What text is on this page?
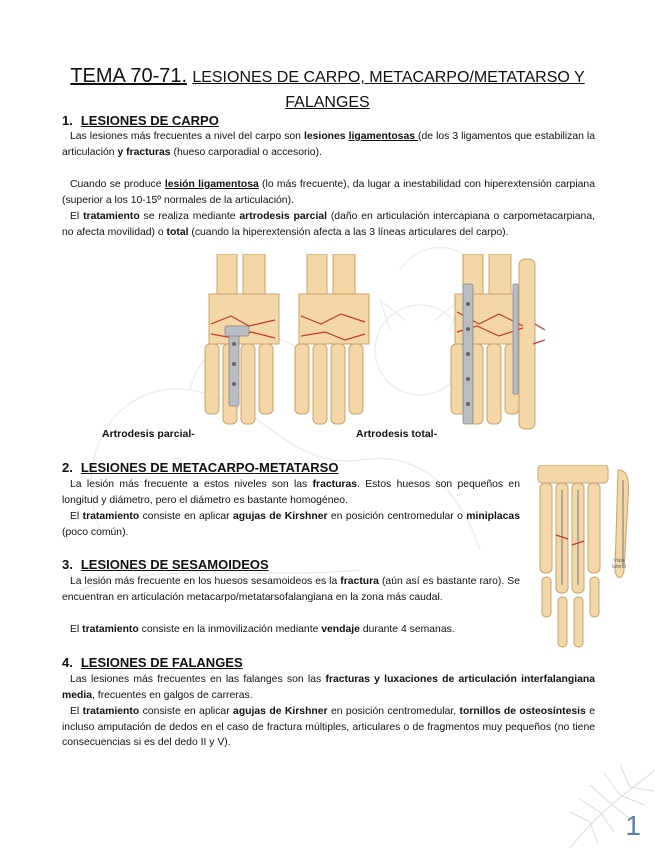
TEMA 70-71. LESIONES DE CARPO, METACARPO/METATARSO Y
FALANGES
1. LESIONES DE CARPO

Las lesiones más frecuentes a nivel del carpo son lesiones ligamentosas (de los 3 ligamentos que estabilizan la articulación y fracturas (hueso carporadial o accesorio).

Cuando se produce lesión ligamentosa (lo más frecuente), da lugar a inestabilidad con hiperextensión carpiana (superior a los 10-15º normales de la articulación).

El tratamiento se realiza mediante artrodesis parcial (daño en articulación intercapiana o carpometacarpiana, no afecta movilidad) o total (cuando la hiperextensión afecta a las 3 líneas articulares del carpo).

Artrodesis parcial-	Artrodesis total-
2. LESIONES DE METACARPO-METATARSO

La lesión más frecuente a estos niveles son las fracturas. Estos huesos son pequeños en longitud y diámetro, pero el diámetro es bastante homogéneo.

El tratamiento consiste en aplicar agujas de Kirshner en posición centromedular o miniplacas (poco común).

Vista lateral
3. LESIONES DE SESAMOIDEOS

La lesión más frecuente en los huesos sesamoideos es la fractura (aún así es bastante raro). Se encuentran en articulación metacarpo/metatarsofalangiana en la zona más caudal.

El tratamiento consiste en la inmovilización mediante vendaje durante 4 semanas.

4. LESIONES DE FALANGES

Las lesiones más frecuentes en las falanges son las fracturas y luxaciones de articulación interfalangiana media, frecuentes en galgos de carreras.

El tratamiento consiste en aplicar agujas de Kirshner en posición centromedular, tornillos de osteosíntesis e incluso amputación de dedos en el caso de fractura múltiples, articulares o de fragmentos muy pequeños (no tiene consecuencias si es del dedo II y V).

1
